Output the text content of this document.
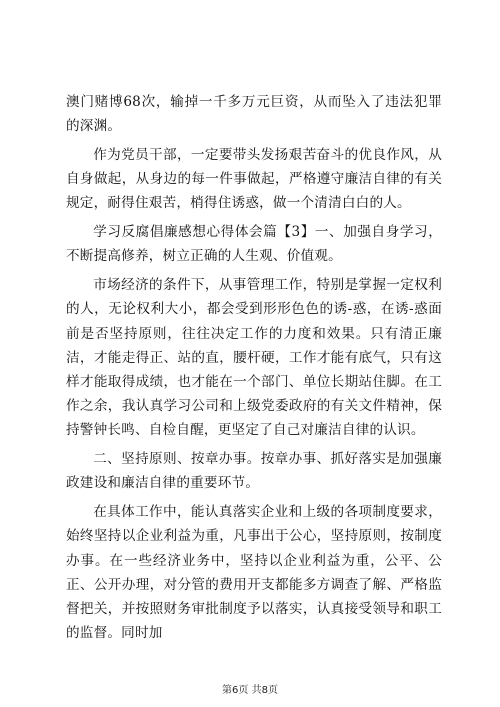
澳门赌博68次，输掉一千多万元巨资，从而坠入了违法犯罪的深渊。

作为党员干部，一定要带头发扬艰苦奋斗的优良作风，从自身做起，从身边的每一件事做起，严格遵守廉洁自律的有关规定，耐得住艰苦，梢得住诱惑，做一个清清白白的人。

学习反腐倡廉感想心得体会篇【3】一、加强自身学习，不断提高修养，树立正确的人生观、价值观。

市场经济的条件下，从事管理工作，特别是掌握一定权利的人，无论权利大小，都会受到形形色色的诱-惑，在诱-惑面前是否坚持原则，往往决定工作的力度和效果。只有清正廉洁，才能走得正、站的直，腰杆硬，工作才能有底气，只有这样才能取得成绩，也才能在一个部门、单位长期站住脚。在工作之余，我认真学习公司和上级党委政府的有关文件精神，保持警钟长鸣、自检自醒，更坚定了自己对廉洁自律的认识。

二、坚持原则、按章办事。按章办事、抓好落实是加强廉政建设和廉洁自律的重要环节。

在具体工作中，能认真落实企业和上级的各项制度要求，始终坚持以企业利益为重，凡事出于公心，坚持原则，按制度办事。在一些经济业务中，坚持以企业利益为重，公平、公正、公开办理，对分管的费用开支都能多方调查了解、严格监督把关，并按照财务审批制度予以落实，认真接受领导和职工的监督。同时加

第6页 共8页
